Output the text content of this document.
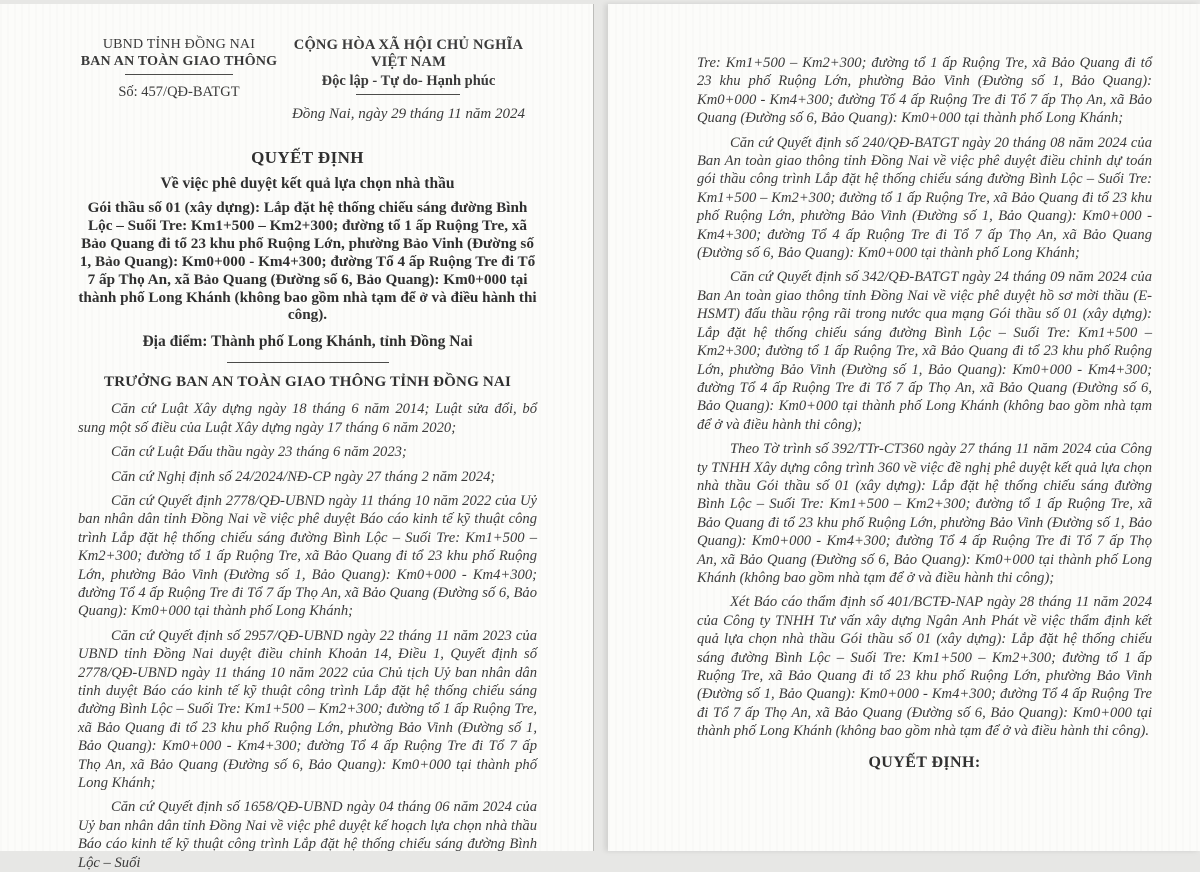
UBND TỈNH ĐỒNG NAI
BAN AN TOÀN GIAO THÔNG
Số: 457/QĐ-BATGT
CỘNG HÒA XÃ HỘI CHỦ NGHĨA VIỆT NAM
Độc lập - Tự do- Hạnh phúc
Đồng Nai, ngày 29 tháng 11 năm 2024
QUYẾT ĐỊNH
Về việc phê duyệt kết quả lựa chọn nhà thầu
Gói thầu số 01 (xây dựng): Lắp đặt hệ thống chiếu sáng đường Bình Lộc – Suối Tre: Km1+500 – Km2+300; đường tổ 1 ấp Ruộng Tre, xã Bảo Quang đi tổ 23 khu phố Ruộng Lớn, phường Bảo Vinh (Đường số 1, Bảo Quang): Km0+000 - Km4+300; đường Tổ 4 ấp Ruộng Tre đi Tổ 7 ấp Thọ An, xã Bảo Quang (Đường số 6, Bảo Quang): Km0+000 tại thành phố Long Khánh (không bao gồm nhà tạm để ở và điều hành thi công).
Địa điểm: Thành phố Long Khánh, tỉnh Đồng Nai
TRƯỞNG BAN AN TOÀN GIAO THÔNG TỈNH ĐỒNG NAI

Căn cứ Luật Xây dựng ngày 18 tháng 6 năm 2014; Luật sửa đổi, bổ sung một số điều của Luật Xây dựng ngày 17 tháng 6 năm 2020;

Căn cứ Luật Đấu thầu ngày 23 tháng 6 năm 2023;

Căn cứ Nghị định số 24/2024/NĐ-CP ngày 27 tháng 2 năm 2024;

Căn cứ Quyết định 2778/QĐ-UBND ngày 11 tháng 10 năm 2022 của Uỷ ban nhân dân tỉnh Đồng Nai về việc phê duyệt Báo cáo kinh tế kỹ thuật công trình Lắp đặt hệ thống chiếu sáng đường Bình Lộc – Suối Tre: Km1+500 – Km2+300; đường tổ 1 ấp Ruộng Tre, xã Bảo Quang đi tổ 23 khu phố Ruộng Lớn, phường Bảo Vinh (Đường số 1, Bảo Quang): Km0+000 - Km4+300; đường Tổ 4 ấp Ruộng Tre đi Tổ 7 ấp Thọ An, xã Bảo Quang (Đường số 6, Bảo Quang): Km0+000 tại thành phố Long Khánh;

Căn cứ Quyết định số 2957/QĐ-UBND ngày 22 tháng 11 năm 2023 của UBND tỉnh Đồng Nai duyệt điều chỉnh Khoản 14, Điều 1, Quyết định số 2778/QĐ-UBND ngày 11 tháng 10 năm 2022 của Chủ tịch Uỷ ban nhân dân tỉnh duyệt Báo cáo kinh tế kỹ thuật công trình Lắp đặt hệ thống chiếu sáng đường Bình Lộc – Suối Tre: Km1+500 – Km2+300; đường tổ 1 ấp Ruộng Tre, xã Bảo Quang đi tổ 23 khu phố Ruộng Lớn, phường Bảo Vinh (Đường số 1, Bảo Quang): Km0+000 - Km4+300; đường Tổ 4 ấp Ruộng Tre đi Tổ 7 ấp Thọ An, xã Bảo Quang (Đường số 6, Bảo Quang): Km0+000 tại thành phố Long Khánh;

Căn cứ Quyết định số 1658/QĐ-UBND ngày 04 tháng 06 năm 2024 của Uỷ ban nhân dân tỉnh Đồng Nai về việc phê duyệt kế hoạch lựa chọn nhà thầu Báo cáo kinh tế kỹ thuật công trình Lắp đặt hệ thống chiếu sáng đường Bình Lộc – Suối

Tre: Km1+500 – Km2+300; đường tổ 1 ấp Ruộng Tre, xã Bảo Quang đi tổ 23 khu phố Ruộng Lớn, phường Bảo Vinh (Đường số 1, Bảo Quang): Km0+000 - Km4+300; đường Tổ 4 ấp Ruộng Tre đi Tổ 7 ấp Thọ An, xã Bảo Quang (Đường số 6, Bảo Quang): Km0+000 tại thành phố Long Khánh;

Căn cứ Quyết định số 240/QĐ-BATGT ngày 20 tháng 08 năm 2024 của Ban An toàn giao thông tỉnh Đồng Nai về việc phê duyệt điều chỉnh dự toán gói thầu công trình Lắp đặt hệ thống chiếu sáng đường Bình Lộc – Suối Tre: Km1+500 – Km2+300; đường tổ 1 ấp Ruộng Tre, xã Bảo Quang đi tổ 23 khu phố Ruộng Lớn, phường Bảo Vinh (Đường số 1, Bảo Quang): Km0+000 - Km4+300; đường Tổ 4 ấp Ruộng Tre đi Tổ 7 ấp Thọ An, xã Bảo Quang (Đường số 6, Bảo Quang): Km0+000 tại thành phố Long Khánh;

Căn cứ Quyết định số 342/QĐ-BATGT ngày 24 tháng 09 năm 2024 của Ban An toàn giao thông tỉnh Đồng Nai về việc phê duyệt hồ sơ mời thầu (E-HSMT) đấu thầu rộng rãi trong nước qua mạng Gói thầu số 01 (xây dựng): Lắp đặt hệ thống chiếu sáng đường Bình Lộc – Suối Tre: Km1+500 – Km2+300; đường tổ 1 ấp Ruộng Tre, xã Bảo Quang đi tổ 23 khu phố Ruộng Lớn, phường Bảo Vinh (Đường số 1, Bảo Quang): Km0+000 - Km4+300; đường Tổ 4 ấp Ruộng Tre đi Tổ 7 ấp Thọ An, xã Bảo Quang (Đường số 6, Bảo Quang): Km0+000 tại thành phố Long Khánh (không bao gồm nhà tạm để ở và điều hành thi công);

Theo Tờ trình số 392/TTr-CT360 ngày 27 tháng 11 năm 2024 của Công ty TNHH Xây dựng công trình 360 về việc đề nghị phê duyệt kết quả lựa chọn nhà thầu Gói thầu số 01 (xây dựng): Lắp đặt hệ thống chiếu sáng đường Bình Lộc – Suối Tre: Km1+500 – Km2+300; đường tổ 1 ấp Ruộng Tre, xã Bảo Quang đi tổ 23 khu phố Ruộng Lớn, phường Bảo Vinh (Đường số 1, Bảo Quang): Km0+000 - Km4+300; đường Tổ 4 ấp Ruộng Tre đi Tổ 7 ấp Thọ An, xã Bảo Quang (Đường số 6, Bảo Quang): Km0+000 tại thành phố Long Khánh (không bao gồm nhà tạm để ở và điều hành thi công);

Xét Báo cáo thẩm định số 401/BCTĐ-NAP ngày 28 tháng 11 năm 2024 của Công ty TNHH Tư vấn xây dựng Ngân Anh Phát về việc thẩm định kết quả lựa chọn nhà thầu Gói thầu số 01 (xây dựng): Lắp đặt hệ thống chiếu sáng đường Bình Lộc – Suối Tre: Km1+500 – Km2+300; đường tổ 1 ấp Ruộng Tre, xã Bảo Quang đi tổ 23 khu phố Ruộng Lớn, phường Bảo Vinh (Đường số 1, Bảo Quang): Km0+000 - Km4+300; đường Tổ 4 ấp Ruộng Tre đi Tổ 7 ấp Thọ An, xã Bảo Quang (Đường số 6, Bảo Quang): Km0+000 tại thành phố Long Khánh (không bao gồm nhà tạm để ở và điều hành thi công).

QUYẾT ĐỊNH:
